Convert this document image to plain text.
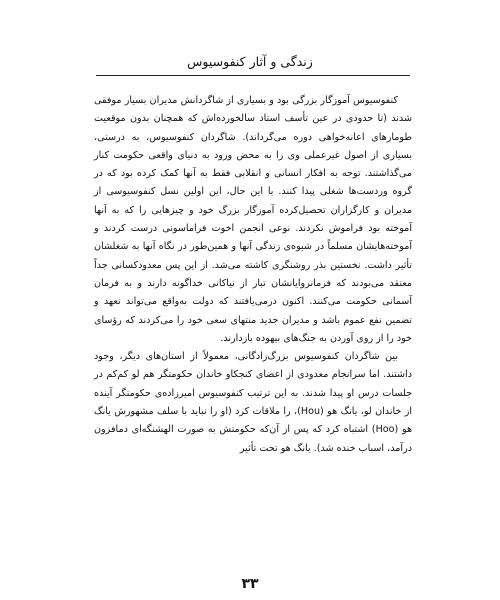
زندگی و آثار کنفوسیوس

کنفوسیوس آموزگار بزرگی بود و بسیاری از شاگردانش مدیران بسیار موفقی شدند (تا حدودی در عین تأسف استاد سالخورده‌اش که همچنان بدون موقعیت طومارهای اعانه‌خواهی دوره می‌گرداند). شاگردان کنفوسیوس، به درستی، بسیاری از اصول غیرعملی وی را به محض ورود به دنیای واقعی حکومت کنار می‌گذاشتند. توجه به افکار انسانی و انقلابی فقط به آنها کمک کرده بود که در گروه وردست‌ها شغلی پیدا کنند. با این حال، این اولین نسل کنفوسیوسی از مدیران و کارگزاران تحصیل‌کرده آموزگار بزرگ خود و چیزهایی را که به آنها آموخته بود فراموش نکردند. نوعی انجمن اخوت فراماسونی درست کردند و آموخته‌هایشان مسلماً در شیوه‌ی زندگی آنها و همین‌طور در نگاه آنها به شغلشان تأثیر داشت. نخستین بذر روشنگری کاشته می‌شد. از این پس معدودکسانی جداً معتقد می‌بودند که فرمانروایانشان تبار از نیاکانی خداگونه دارند و به فرمان آسمانی حکومت می‌کنند. اکنون درمی‌یافتند که دولت به‌واقع می‌تواند تعهد و تضمین نفع عموم باشد و مدیران جدید منتهای سعی خود را می‌کردند که رؤسای خود را از روی آوردن به جنگ‌های بیهوده بازدارند.

بین شاگردان کنفوسیوس بزرگ‌زادگانی، معمولاً از استان‌های دیگر، وجود داشتند. اما سرانجام معدودی از اعضای کنجکاو خاندان حکومتگر هم لو کم‌کم در جلسات درس او پیدا شدند. به این ترتیب کنفوسیوس امیرزاده‌ی حکومتگر آینده از خاندان لو، یانگ هو (Hou)، را ملاقات کرد (او را نباید با سلف مشهورش یانگ هو (Hoo) اشتباه کرد که پس از آن‌که حکومتش به صورت الهشنگه‌ای دمافزون درآمد، اسباب خنده شد). یانگ هو تحت تأثیر

۳۳
